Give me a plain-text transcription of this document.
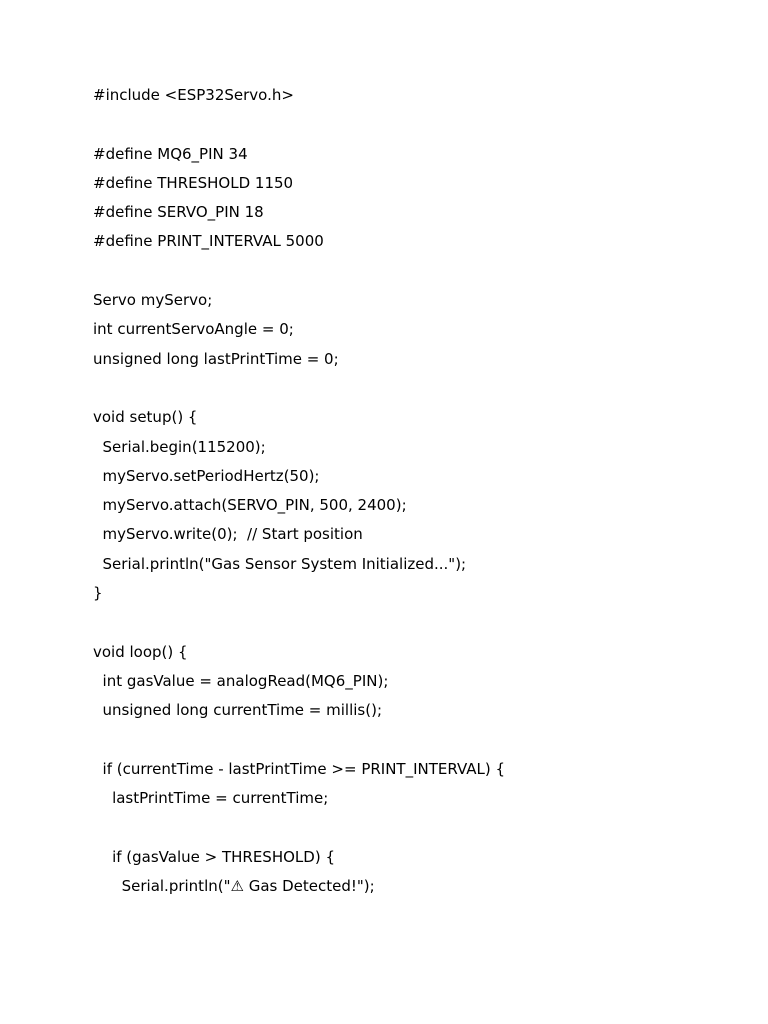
#include <ESP32Servo.h>
#define MQ6_PIN 34
#define THRESHOLD 1150
#define SERVO_PIN 18
#define PRINT_INTERVAL 5000
Servo myServo;
int currentServoAngle = 0;
unsigned long lastPrintTime = 0;
void setup() {
Serial.begin(115200);
myServo.setPeriodHertz(50);
myServo.attach(SERVO_PIN, 500, 2400);
myServo.write(0);  // Start position
Serial.println("Gas Sensor System Initialized...");
}
void loop() {
int gasValue = analogRead(MQ6_PIN);
unsigned long currentTime = millis();
if (currentTime - lastPrintTime >= PRINT_INTERVAL) {
lastPrintTime = currentTime;
if (gasValue > THRESHOLD) {
Serial.println("⚠ Gas Detected!");
